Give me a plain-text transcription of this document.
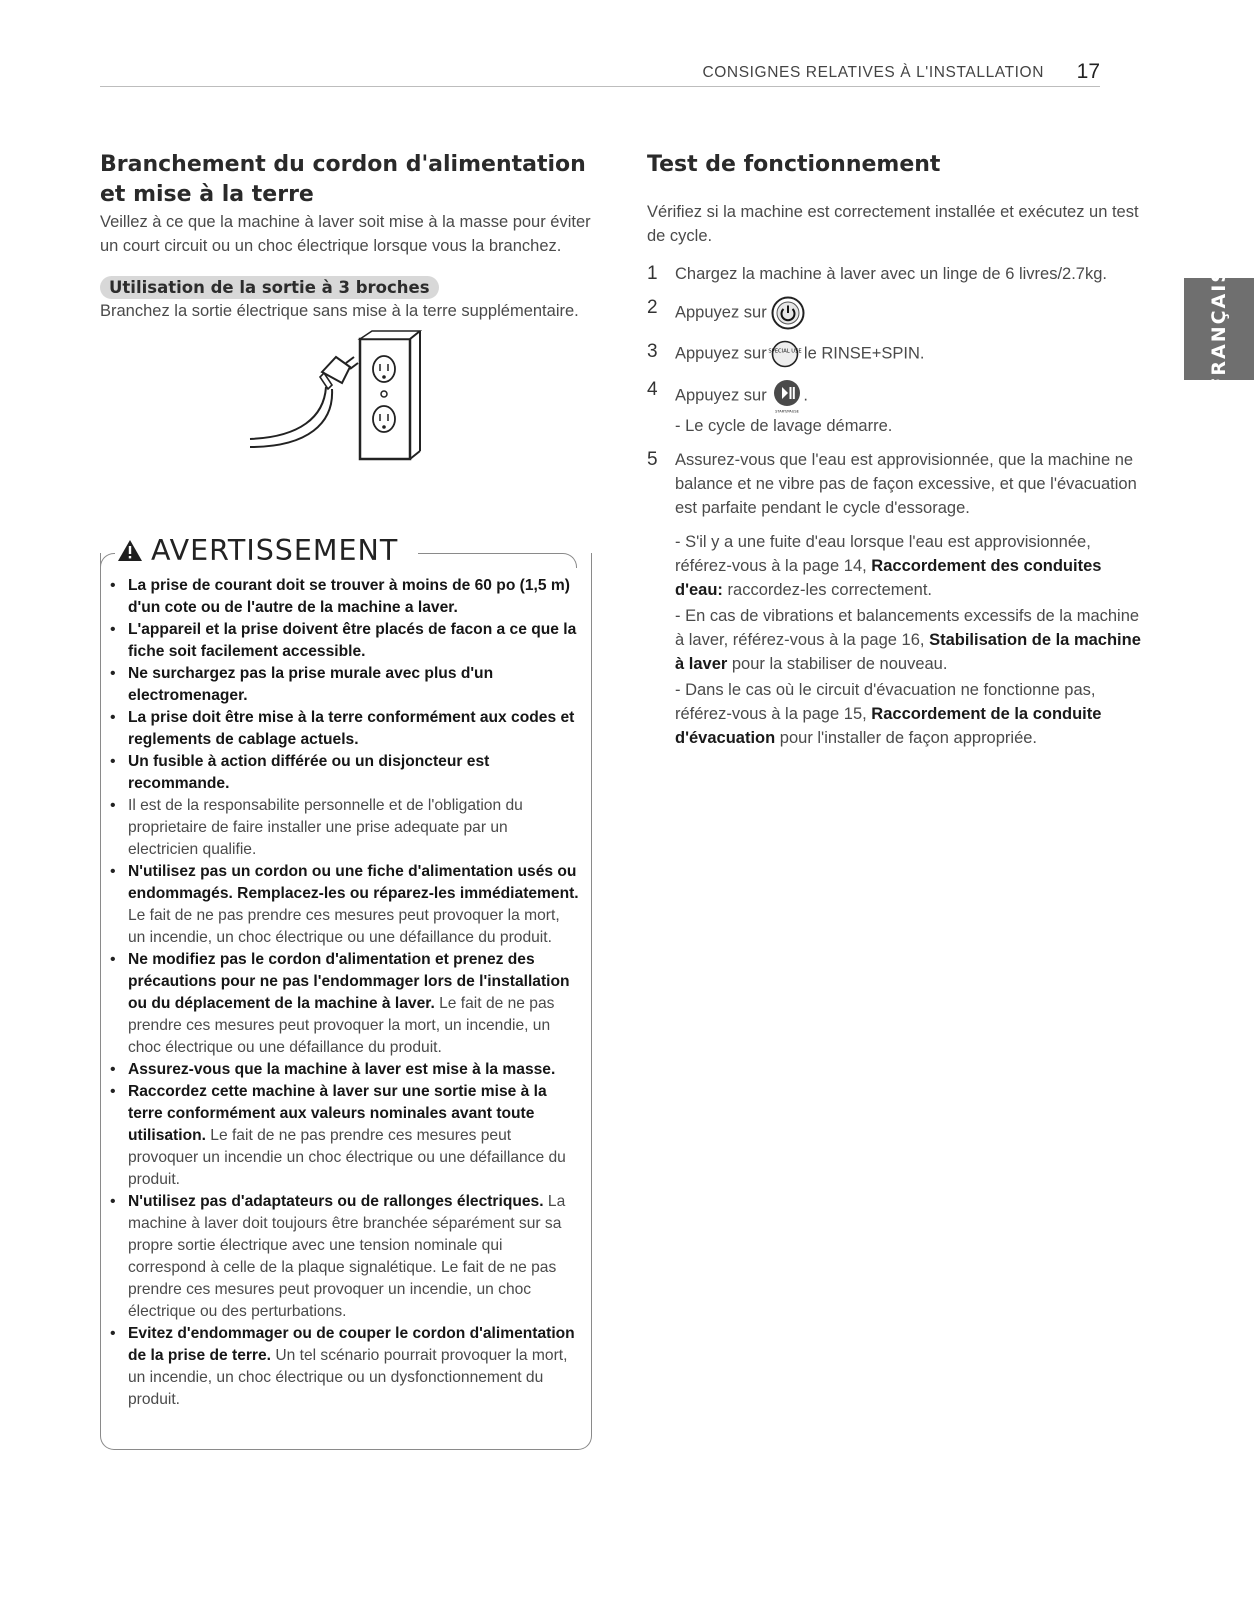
CONSIGNES RELATIVES À L'INSTALLATION 17
FRANÇAIS
Branchement du cordon d'alimentation et mise à la terre

Veillez à ce que la machine à laver soit mise à la masse pour éviter un court circuit ou un choc électrique lorsque vous la branchez.

Utilisation de la sortie à 3 broches

Branchez la sortie électrique sans mise à la terre supplémentaire.

AVERTISSEMENT
• La prise de courant doit se trouver à moins de 60 po (1,5 m) d'un cote ou de l'autre de la machine a laver.
• L'appareil et la prise doivent être placés de facon a ce que la fiche soit facilement accessible.
• Ne surchargez pas la prise murale avec plus d'un electromenager.
• La prise doit être mise à la terre conformément aux codes et reglements de cablage actuels.
• Un fusible à action différée ou un disjoncteur est recommande.
• Il est de la responsabilite personnelle et de l'obligation du proprietaire de faire installer une prise adequate par un electricien qualifie.
• N'utilisez pas un cordon ou une fiche d'alimentation usés ou endommagés. Remplacez-les ou réparez-les immédiatement. Le fait de ne pas prendre ces mesures peut provoquer la mort, un incendie, un choc électrique ou une défaillance du produit.
• Ne modifiez pas le cordon d'alimentation et prenez des précautions pour ne pas l'endommager lors de l'installation ou du déplacement de la machine à laver. Le fait de ne pas prendre ces mesures peut provoquer la mort, un incendie, un choc électrique ou une défaillance du produit.
• Assurez-vous que la machine à laver est mise à la masse.
• Raccordez cette machine à laver sur une sortie mise à la terre conformément aux valeurs nominales avant toute utilisation. Le fait de ne pas prendre ces mesures peut provoquer un incendie un choc électrique ou une défaillance du produit.
• N'utilisez pas d'adaptateurs ou de rallonges électriques. La machine à laver doit toujours être branchée séparément sur sa propre sortie électrique avec une tension nominale qui correspond à celle de la plaque signalétique. Le fait de ne pas prendre ces mesures peut provoquer un incendie, un choc électrique ou des perturbations.
• Evitez d'endommager ou de couper le cordon d'alimentation de la prise de terre. Un tel scénario pourrait provoquer la mort, un incendie, un choc électrique ou un dysfonctionnement du produit.
Test de fonctionnement

Vérifiez si la machine est correctement installée et exécutez un test de cycle.

1 Chargez la machine à laver avec un linge de 6 livres/2.7kg.
2 Appuyez sur
3 Appuyez sur SPECIAL USE le RINSE+SPIN.
4 Appuyez sur
START/PAUSE
.
- Le cycle de lavage démarre.
5 Assurez-vous que l'eau est approvisionnée, que la machine ne balance et ne vibre pas de façon excessive, et que l'évacuation est parfaite pendant le cycle d'essorage.

- S'il y a une fuite d'eau lorsque l'eau est approvisionnée, référez-vous à la page 14, Raccordement des conduites d'eau: raccordez-les correctement.

- En cas de vibrations et balancements excessifs de la machine à laver, référez-vous à la page 16, Stabilisation de la machine à laver pour la stabiliser de nouveau.

- Dans le cas où le circuit d'évacuation ne fonctionne pas, référez-vous à la page 15, Raccordement de la conduite d'évacuation pour l'installer de façon appropriée.
